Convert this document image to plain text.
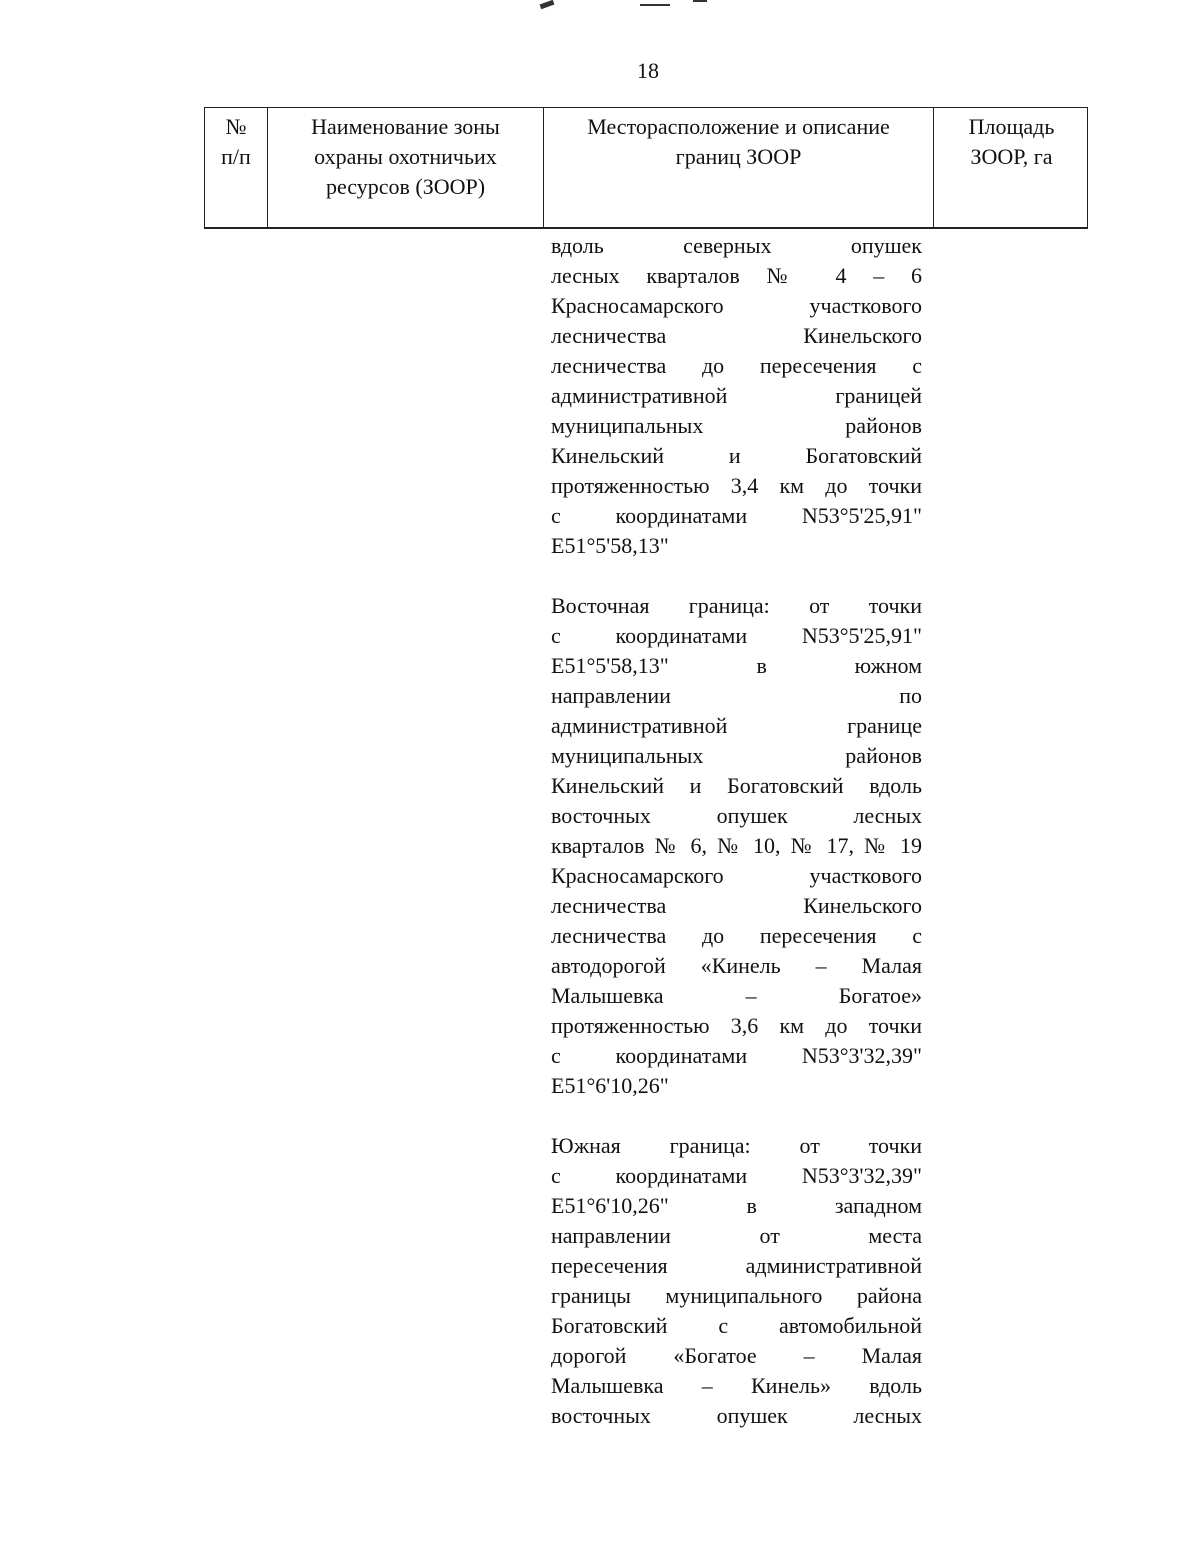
18
№
п/п
Наименование зоны охраны охотничьих ресурсов (ЗООР)
Месторасположение и описание границ ЗООР
Площадь
ЗООР, га
вдоль северных опушек
лесных кварталов № 4 – 6
Красносамарского участкового
лесничества Кинельского
лесничества до пересечения с
административной границей
муниципальных районов
Кинельский и Богатовский
протяженностью 3,4 км до точки
с координатами N53°5'25,91"
E51°5'58,13"
Восточная граница: от точки
с координатами N53°5'25,91"
E51°5'58,13" в южном
направлении по
административной границе
муниципальных районов
Кинельский и Богатовский вдоль
восточных опушек лесных
кварталов № 6, № 10, № 17, № 19
Красносамарского участкового
лесничества Кинельского
лесничества до пересечения с
автодорогой «Кинель – Малая
Малышевка – Богатое»
протяженностью 3,6 км до точки
с координатами N53°3'32,39"
E51°6'10,26"
Южная граница: от точки
с координатами N53°3'32,39"
E51°6'10,26" в западном
направлении от места
пересечения административной
границы муниципального района
Богатовский с автомобильной
дорогой «Богатое – Малая
Малышевка – Кинель» вдоль
восточных опушек лесных
